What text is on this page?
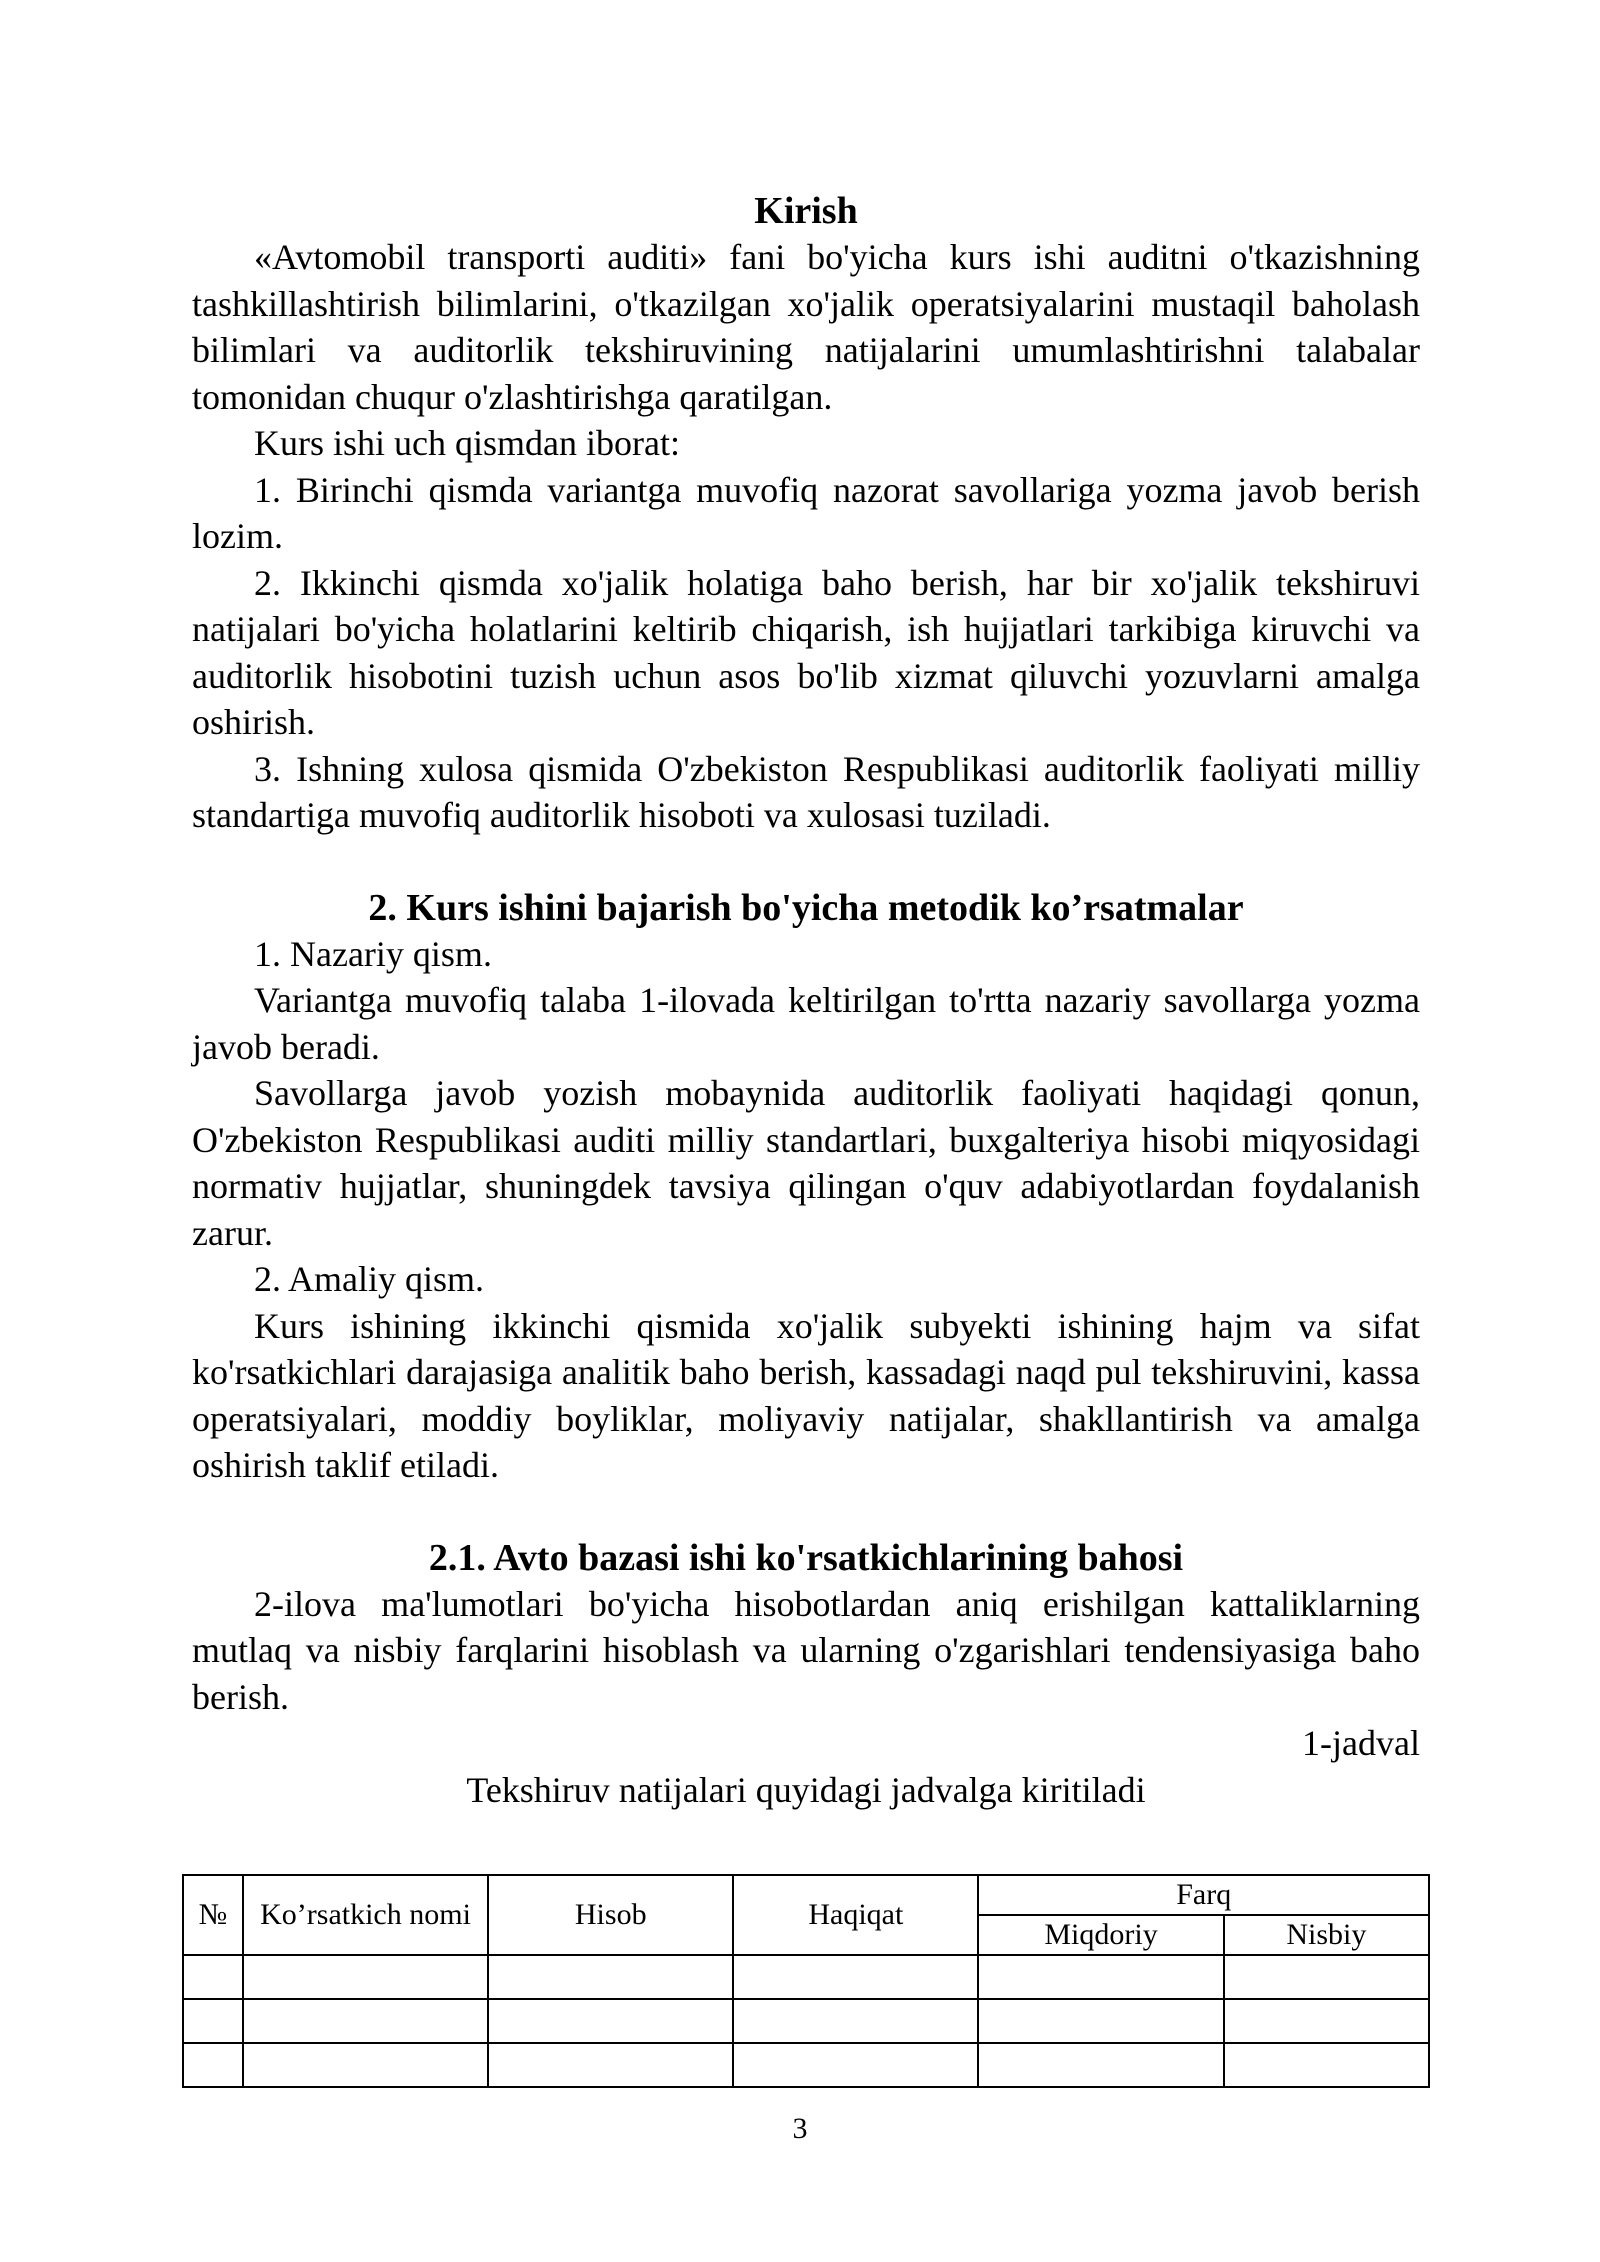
Kirish

«Avtomobil transporti auditi» fani bo'yicha kurs ishi auditni o'tkazishning tashkillashtirish bilimlarini, o'tkazilgan xo'jalik operatsiyalarini mustaqil baholash bilimlari va auditorlik tekshiruvining natijalarini umumlashtirishni talabalar tomonidan chuqur o'zlashtirishga qaratilgan.

Kurs ishi uch qismdan iborat:

1. Birinchi qismda variantga muvofiq nazorat savollariga yozma javob berish lozim.

2. Ikkinchi qismda xo'jalik holatiga baho berish, har bir xo'jalik tekshiruvi natijalari bo'yicha holatlarini keltirib chiqarish, ish hujjatlari tarkibiga kiruvchi va auditorlik hisobotini tuzish uchun asos bo'lib xizmat qiluvchi yozuvlarni amalga oshirish.

3. Ishning xulosa qismida O'zbekiston Respublikasi auditorlik faoliyati milliy standartiga muvofiq auditorlik hisoboti va xulosasi tuziladi.

2. Kurs ishini bajarish bo'yicha metodik ko’rsatmalar

1. Nazariy qism.

Variantga muvofiq talaba 1-ilovada keltirilgan to'rtta nazariy savollarga yozma javob beradi.

Savollarga javob yozish mobaynida auditorlik faoliyati haqidagi qonun, O'zbekiston Respublikasi auditi milliy standartlari, buxgalteriya hisobi miqyosidagi normativ hujjatlar, shuningdek tavsiya qilingan o'quv adabiyotlardan foydalanish zarur.

2. Amaliy qism.

Kurs ishining ikkinchi qismida xo'jalik subyekti ishining hajm va sifat ko'rsatkichlari darajasiga analitik baho berish, kassadagi naqd pul tekshiruvini, kassa operatsiyalari, moddiy boyliklar, moliyaviy natijalar, shakllantirish va amalga oshirish taklif etiladi.

2.1. Avto bazasi ishi ko'rsatkichlarining bahosi

2-ilova ma'lumotlari bo'yicha hisobotlardan aniq erishilgan kattaliklarning mutlaq va nisbiy farqlarini hisoblash va ularning o'zgarishlari tendensiyasiga baho berish.

1-jadval

Tekshiruv natijalari quyidagi jadvalga kiritiladi

№	Ko’rsatkich nomi	Hisob	Haqiqat	Farq	
				Miqdoriy	Nisbiy

3
